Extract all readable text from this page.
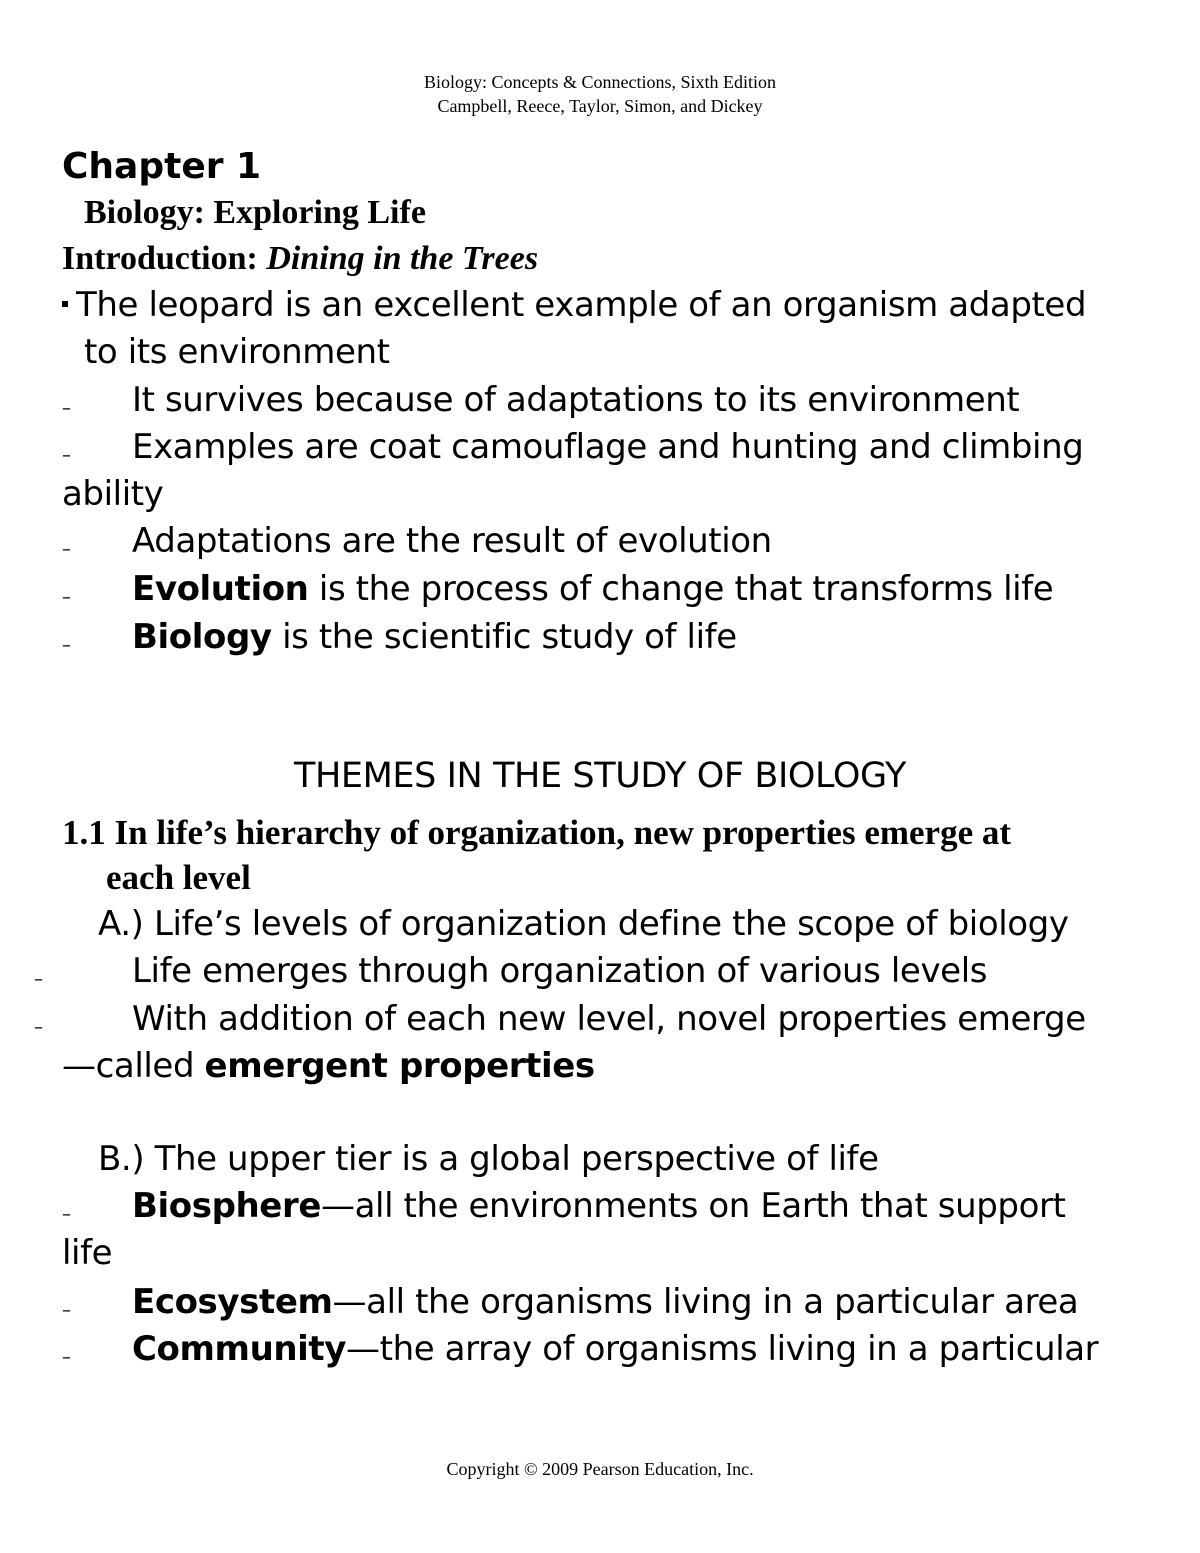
Biology: Concepts & Connections, Sixth Edition
Campbell, Reece, Taylor, Simon, and Dickey
Chapter 1
Biology: Exploring Life
Introduction: Dining in the Trees
The leopard is an excellent example of an organism adapted
to its environment
– It survives because of adaptations to its environment
– Examples are coat camouflage and hunting and climbing
ability
– Adaptations are the result of evolution
– Evolution is the process of change that transforms life
– Biology is the scientific study of life
THEMES IN THE STUDY OF BIOLOGY
1.1 In life’s hierarchy of organization, new properties emerge at
each level
A.) Life’s levels of organization define the scope of biology
–	Life emerges through organization of various levels
–	With addition of each new level, novel properties emerge
—called emergent properties
B.) The upper tier is a global perspective of life
– Biosphere—all the environments on Earth that support
life
– Ecosystem—all the organisms living in a particular area
– Community—the array of organisms living in a particular
Copyright © 2009 Pearson Education, Inc.
